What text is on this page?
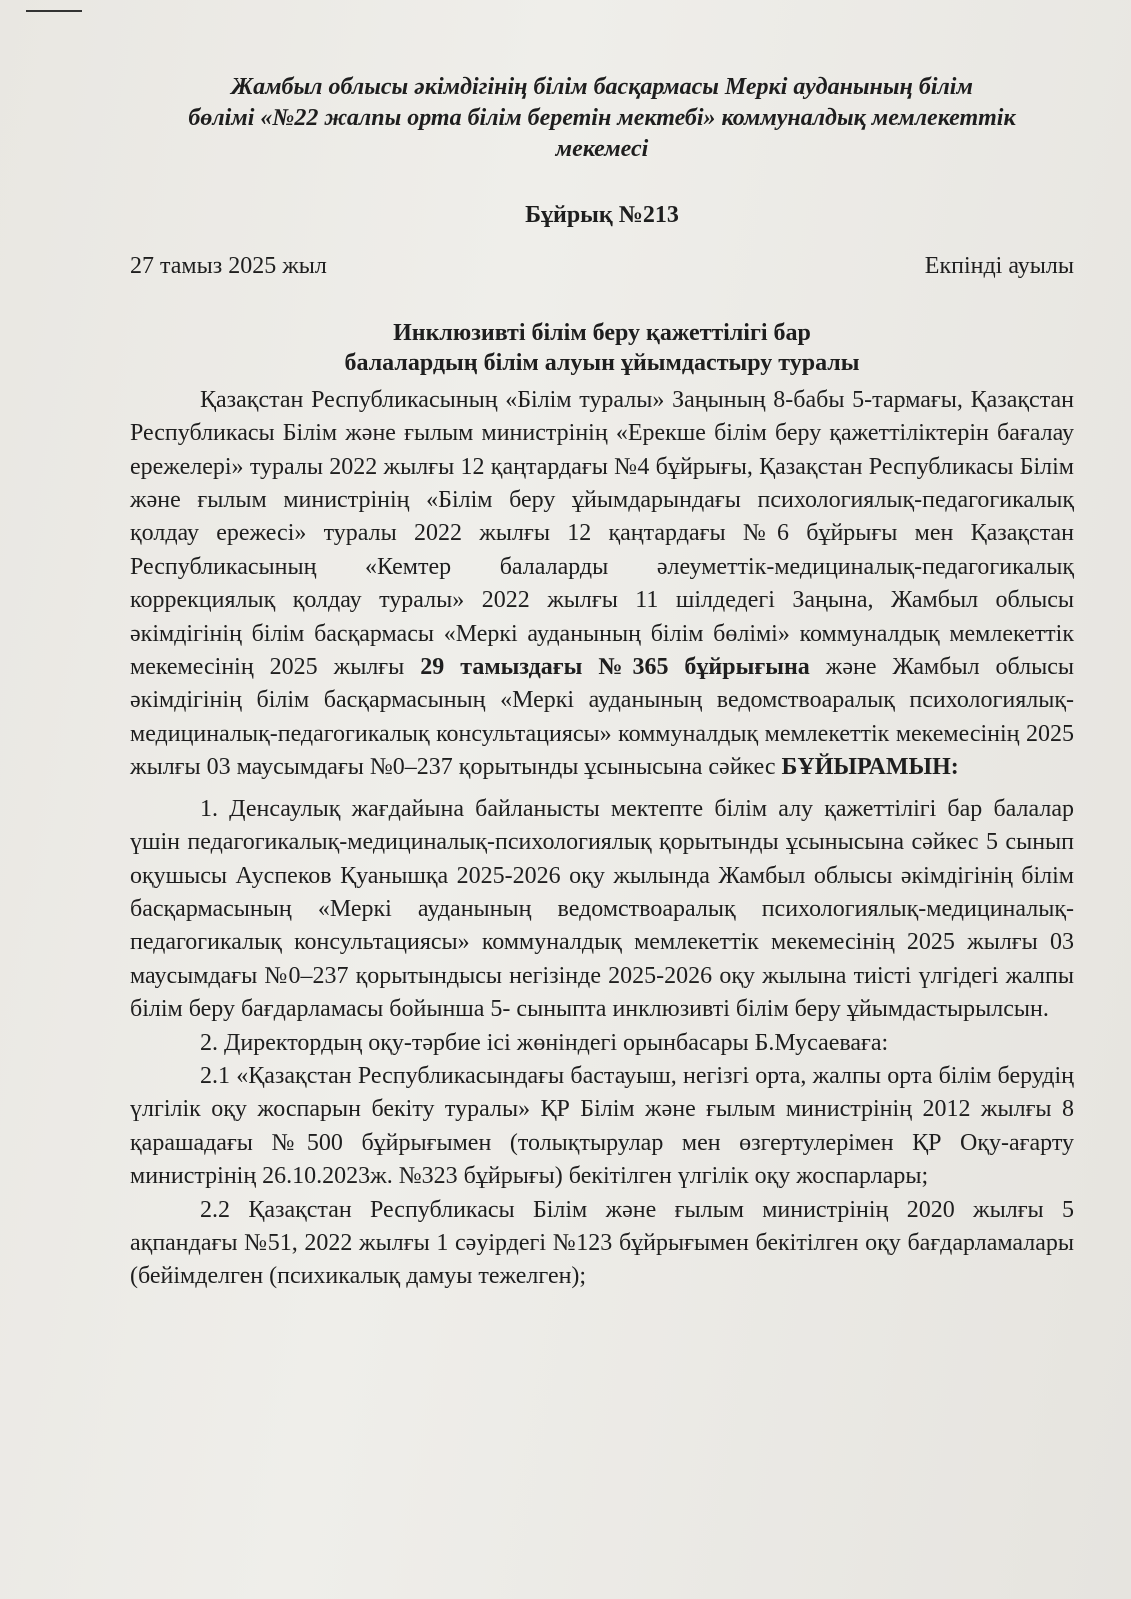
Жамбыл облысы әкімдігінің білім басқармасы Меркі ауданының білім
бөлімі «№22 жалпы орта білім беретін мектебі» коммуналдық мемлекеттік
мекемесі
Бұйрық №213
27 тамыз 2025 жыл	Екпінді ауылы
Инклюзивті білім беру қажеттілігі бар
балалардың білім алуын ұйымдастыру туралы

Қазақстан Республикасының «Білім туралы» Заңының 8-бабы 5-тармағы, Қазақстан Республикасы Білім және ғылым министрінің «Ерекше білім беру қажеттіліктерін бағалау ережелері» туралы 2022 жылғы 12 қаңтардағы №4 бұйрығы, Қазақстан Республикасы Білім және ғылым министрінің «Білім беру ұйымдарындағы психологиялық-педагогикалық қолдау ережесі» туралы 2022 жылғы 12 қаңтардағы №6 бұйрығы мен Қазақстан Республикасының «Кемтер балаларды әлеуметтік-медициналық-педагогикалық коррекциялық қолдау туралы» 2022 жылғы 11 шілдедегі Заңына, Жамбыл облысы әкімдігінің білім басқармасы «Меркі ауданының білім бөлімі» коммуналдық мемлекеттік мекемесінің 2025 жылғы 29 тамыздағы №365 бұйрығына және Жамбыл облысы әкімдігінің білім басқармасының «Меркі ауданының ведомствоаралық психологиялық-медициналық-педагогикалық консультациясы» коммуналдық мемлекеттік мекемесінің 2025 жылғы 03 маусымдағы №0–237 қорытынды ұсынысына сәйкес БҰЙЫРАМЫН:

1. Денсаулық жағдайына байланысты мектепте білім алу қажеттілігі бар балалар үшін педагогикалық-медициналық-психологиялық қорытынды ұсынысына сәйкес 5 сынып оқушысы Ауспеков Қуанышқа 2025-2026 оқу жылында Жамбыл облысы әкімдігінің білім басқармасының «Меркі ауданының ведомствоаралық психологиялық-медициналық-педагогикалық консультациясы» коммуналдық мемлекеттік мекемесінің 2025 жылғы 03 маусымдағы №0–237 қорытындысы негізінде 2025-2026 оқу жылына тиісті үлгідегі жалпы білім беру бағдарламасы бойынша 5- сыныпта инклюзивті білім беру ұйымдастырылсын.

2. Директордың оқу-тәрбие ісі жөніндегі орынбасары Б.Мусаеваға:

2.1 «Қазақстан Республикасындағы бастауыш, негізгі орта, жалпы орта білім берудің үлгілік оқу жоспарын бекіту туралы» ҚР Білім және ғылым министрінің 2012 жылғы 8 қарашадағы №500 бұйрығымен (толықтырулар мен өзгертулерімен ҚР Оқу-ағарту министрінің 26.10.2023ж. №323 бұйрығы) бекітілген үлгілік оқу жоспарлары;

2.2 Қазақстан Республикасы Білім және ғылым министрінің 2020 жылғы 5 ақпандағы №51, 2022 жылғы 1 сәуірдегі №123 бұйрығымен бекітілген оқу бағдарламалары (бейімделген (психикалық дамуы тежелген);
